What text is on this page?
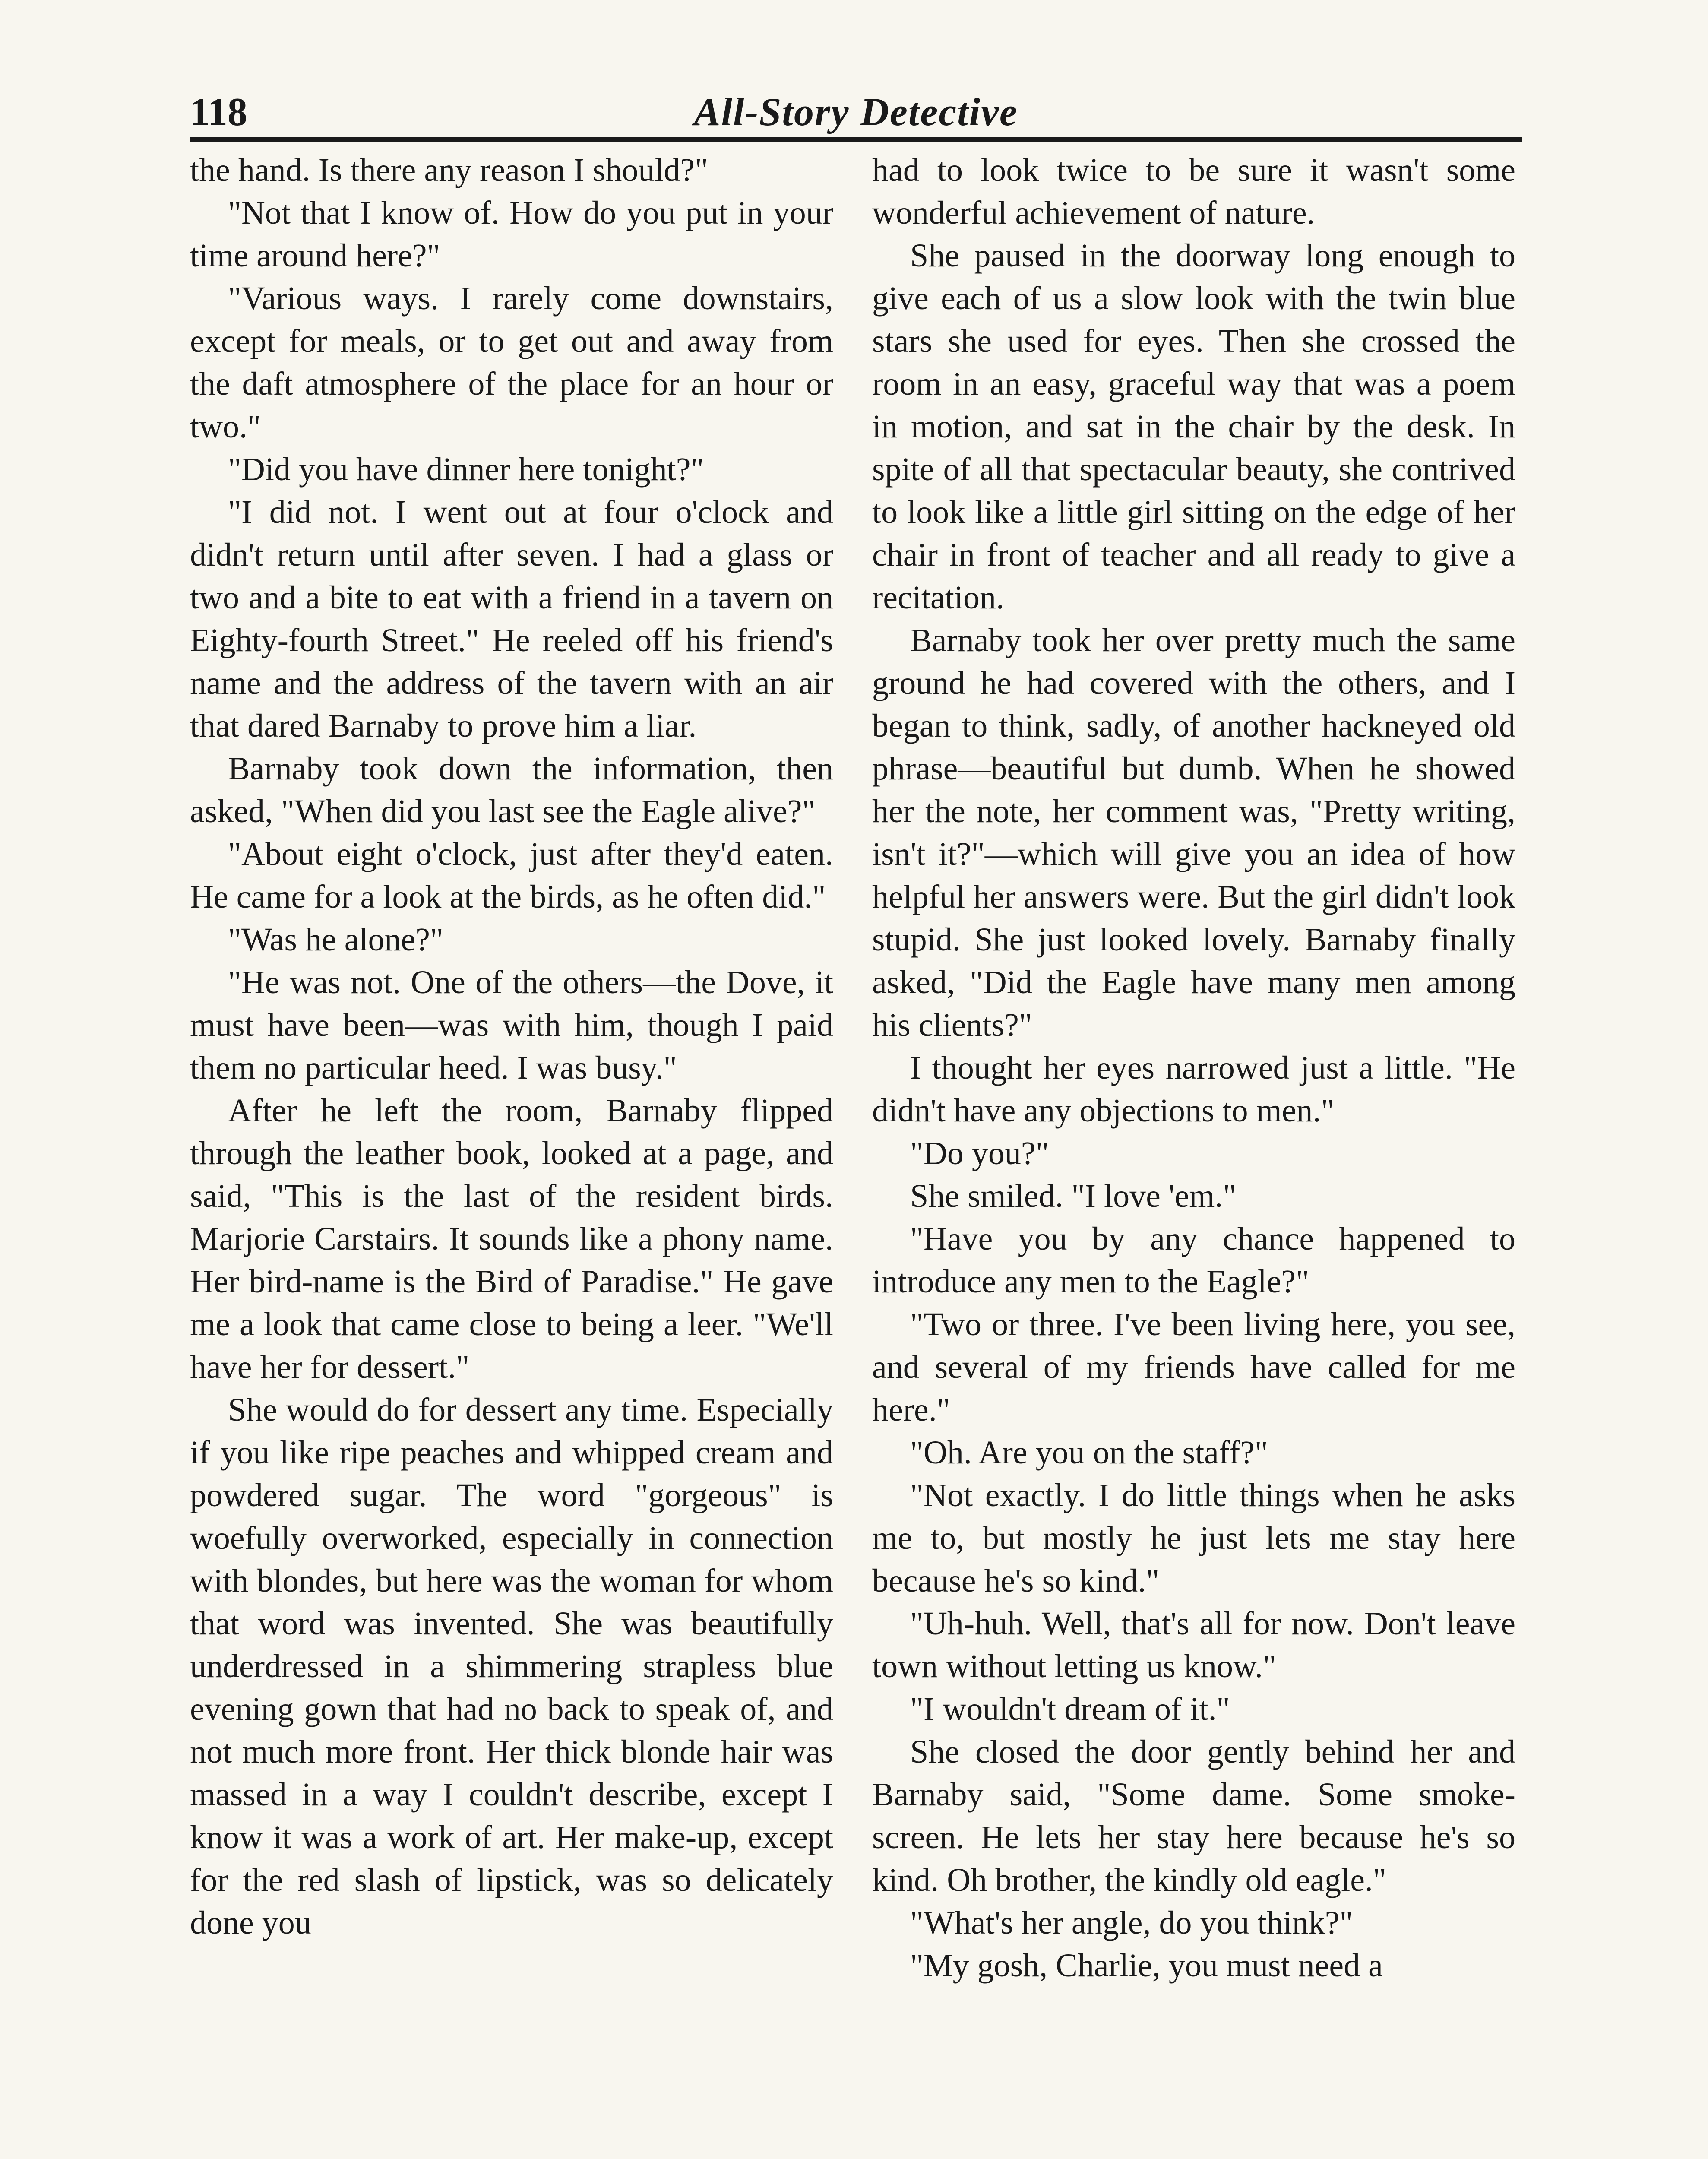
118	All-Story Detective

the hand. Is there any reason I should?"

"Not that I know of. How do you put in your time around here?"

"Various ways. I rarely come downstairs, except for meals, or to get out and away from the daft atmosphere of the place for an hour or two."

"Did you have dinner here tonight?"

"I did not. I went out at four o'clock and didn't return until after seven. I had a glass or two and a bite to eat with a friend in a tavern on Eighty-fourth Street." He reeled off his friend's name and the address of the tavern with an air that dared Barnaby to prove him a liar.

Barnaby took down the information, then asked, "When did you last see the Eagle alive?"

"About eight o'clock, just after they'd eaten. He came for a look at the birds, as he often did."

"Was he alone?"

"He was not. One of the others—the Dove, it must have been—was with him, though I paid them no particular heed. I was busy."

After he left the room, Barnaby flipped through the leather book, looked at a page, and said, "This is the last of the resident birds. Marjorie Carstairs. It sounds like a phony name. Her bird-name is the Bird of Paradise." He gave me a look that came close to being a leer. "We'll have her for dessert."

She would do for dessert any time. Especially if you like ripe peaches and whipped cream and powdered sugar. The word "gorgeous" is woefully overworked, especially in connection with blondes, but here was the woman for whom that word was invented. She was beautifully underdressed in a shimmering strapless blue evening gown that had no back to speak of, and not much more front. Her thick blonde hair was massed in a way I couldn't describe, except I know it was a work of art. Her make-up, except for the red slash of lipstick, was so delicately done you

had to look twice to be sure it wasn't some wonderful achievement of nature.

She paused in the doorway long enough to give each of us a slow look with the twin blue stars she used for eyes. Then she crossed the room in an easy, graceful way that was a poem in motion, and sat in the chair by the desk. In spite of all that spectacular beauty, she contrived to look like a little girl sitting on the edge of her chair in front of teacher and all ready to give a recitation.

Barnaby took her over pretty much the same ground he had covered with the others, and I began to think, sadly, of another hackneyed old phrase—beautiful but dumb. When he showed her the note, her comment was, "Pretty writing, isn't it?"—which will give you an idea of how helpful her answers were. But the girl didn't look stupid. She just looked lovely. Barnaby finally asked, "Did the Eagle have many men among his clients?"

I thought her eyes narrowed just a little. "He didn't have any objections to men."

"Do you?"

She smiled. "I love 'em."

"Have you by any chance happened to introduce any men to the Eagle?"

"Two or three. I've been living here, you see, and several of my friends have called for me here."

"Oh. Are you on the staff?"

"Not exactly. I do little things when he asks me to, but mostly he just lets me stay here because he's so kind."

"Uh-huh. Well, that's all for now. Don't leave town without letting us know."

"I wouldn't dream of it."

She closed the door gently behind her and Barnaby said, "Some dame. Some smoke-screen. He lets her stay here because he's so kind. Oh brother, the kindly old eagle."

"What's her angle, do you think?"

"My gosh, Charlie, you must need a
